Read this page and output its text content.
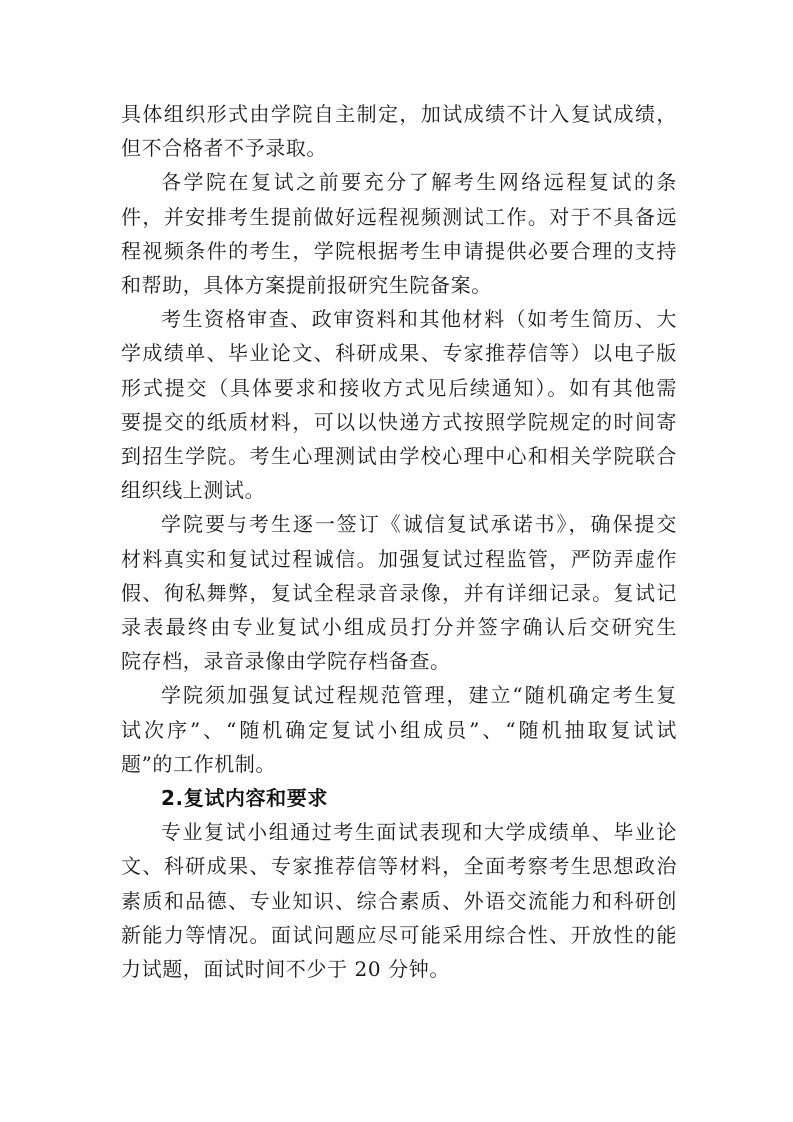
具体组织形式由学院自主制定，加试成绩不计入复试成绩，
但不合格者不予录取。

各学院在复试之前要充分了解考生网络远程复试的条
件，并安排考生提前做好远程视频测试工作。对于不具备远
程视频条件的考生，学院根据考生申请提供必要合理的支持
和帮助，具体方案提前报研究生院备案。

考生资格审查、政审资料和其他材料（如考生简历、大
学成绩单、毕业论文、科研成果、专家推荐信等）以电子版
形式提交（具体要求和接收方式见后续通知）。如有其他需
要提交的纸质材料，可以以快递方式按照学院规定的时间寄
到招生学院。考生心理测试由学校心理中心和相关学院联合
组织线上测试。

学院要与考生逐一签订《诚信复试承诺书》，确保提交
材料真实和复试过程诚信。加强复试过程监管，严防弄虚作
假、徇私舞弊，复试全程录音录像，并有详细记录。复试记
录表最终由专业复试小组成员打分并签字确认后交研究生
院存档，录音录像由学院存档备查。

学院须加强复试过程规范管理，建立“随机确定考生复
试次序”、“随机确定复试小组成员”、“随机抽取复试试
题”的工作机制。

2.复试内容和要求

专业复试小组通过考生面试表现和大学成绩单、毕业论
文、科研成果、专家推荐信等材料，全面考察考生思想政治
素质和品德、专业知识、综合素质、外语交流能力和科研创
新能力等情况。面试问题应尽可能采用综合性、开放性的能
力试题，面试时间不少于 20 分钟。
